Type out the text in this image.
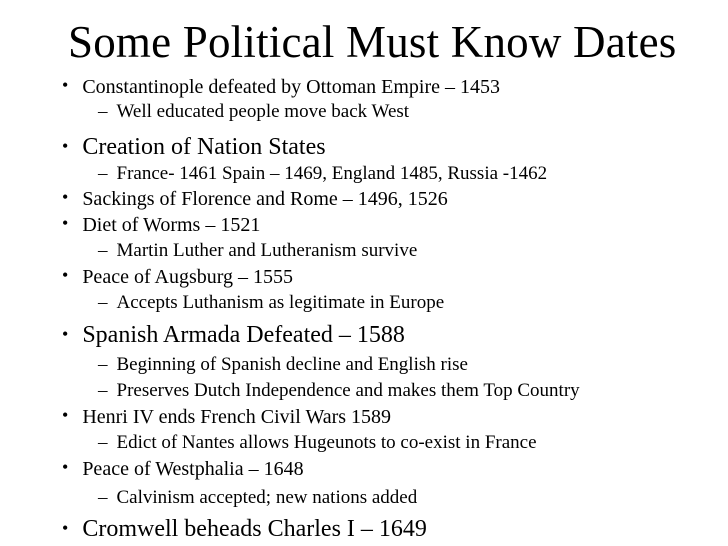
Some Political Must Know Dates
• Constantinople defeated by Ottoman Empire – 1453
– Well educated people move back West
• Creation of Nation States
– France- 1461 Spain – 1469, England 1485, Russia -1462
• Sackings of Florence and Rome – 1496, 1526
• Diet of Worms – 1521
– Martin Luther and Lutheranism survive
• Peace of Augsburg – 1555
– Accepts Luthanism as legitimate in Europe
• Spanish Armada Defeated – 1588
– Beginning of Spanish decline and English rise
– Preserves Dutch Independence and makes them Top Country
• Henri IV ends French Civil Wars 1589
– Edict of Nantes allows Hugeunots to co-exist in France
• Peace of Westphalia – 1648
– Calvinism accepted; new nations added
• Cromwell beheads Charles I – 1649
